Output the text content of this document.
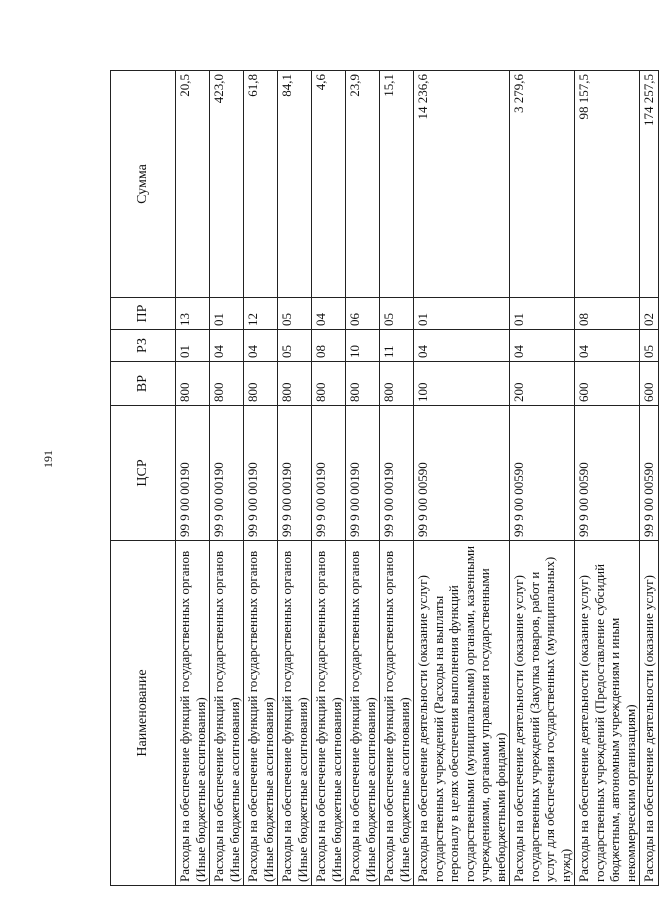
191
Наименование	ЦСР	ВР	РЗ	ПР	Сумма
Расходы на обеспечение функций государственных органов (Иные бюджетные ассигнования)	99 9 00 00190	800	01	13	20,5
Расходы на обеспечение функций государственных органов (Иные бюджетные ассигнования)	99 9 00 00190	800	04	01	423,0
Расходы на обеспечение функций государственных органов (Иные бюджетные ассигнования)	99 9 00 00190	800	04	12	61,8
Расходы на обеспечение функций государственных органов (Иные бюджетные ассигнования)	99 9 00 00190	800	05	05	84,1
Расходы на обеспечение функций государственных органов (Иные бюджетные ассигнования)	99 9 00 00190	800	08	04	4,6
Расходы на обеспечение функций государственных органов (Иные бюджетные ассигнования)	99 9 00 00190	800	10	06	23,9
Расходы на обеспечение функций государственных органов (Иные бюджетные ассигнования)	99 9 00 00190	800	11	05	15,1
Расходы на обеспечение деятельности (оказание услуг) государственных учреждений (Расходы на выплаты персоналу в целях обеспечения выполнения функций государственными (муниципальными) органами, казенными учреждениями, органами управления государственными внебюджетными фондами)	99 9 00 00590	100	04	01	14 236,6
Расходы на обеспечение деятельности (оказание услуг) государственных учреждений (Закупка товаров, работ и услуг для обеспечения государственных (муниципальных) нужд)	99 9 00 00590	200	04	01	3 279,6
Расходы на обеспечение деятельности (оказание услуг) государственных учреждений (Предоставление субсидий бюджетным, автономным учреждениям и иным некоммерческим организациям)	99 9 00 00590	600	04	08	98 157,5
Расходы на обеспечение деятельности (оказание услуг)	99 9 00 00590	600	05	02	174 257,5
